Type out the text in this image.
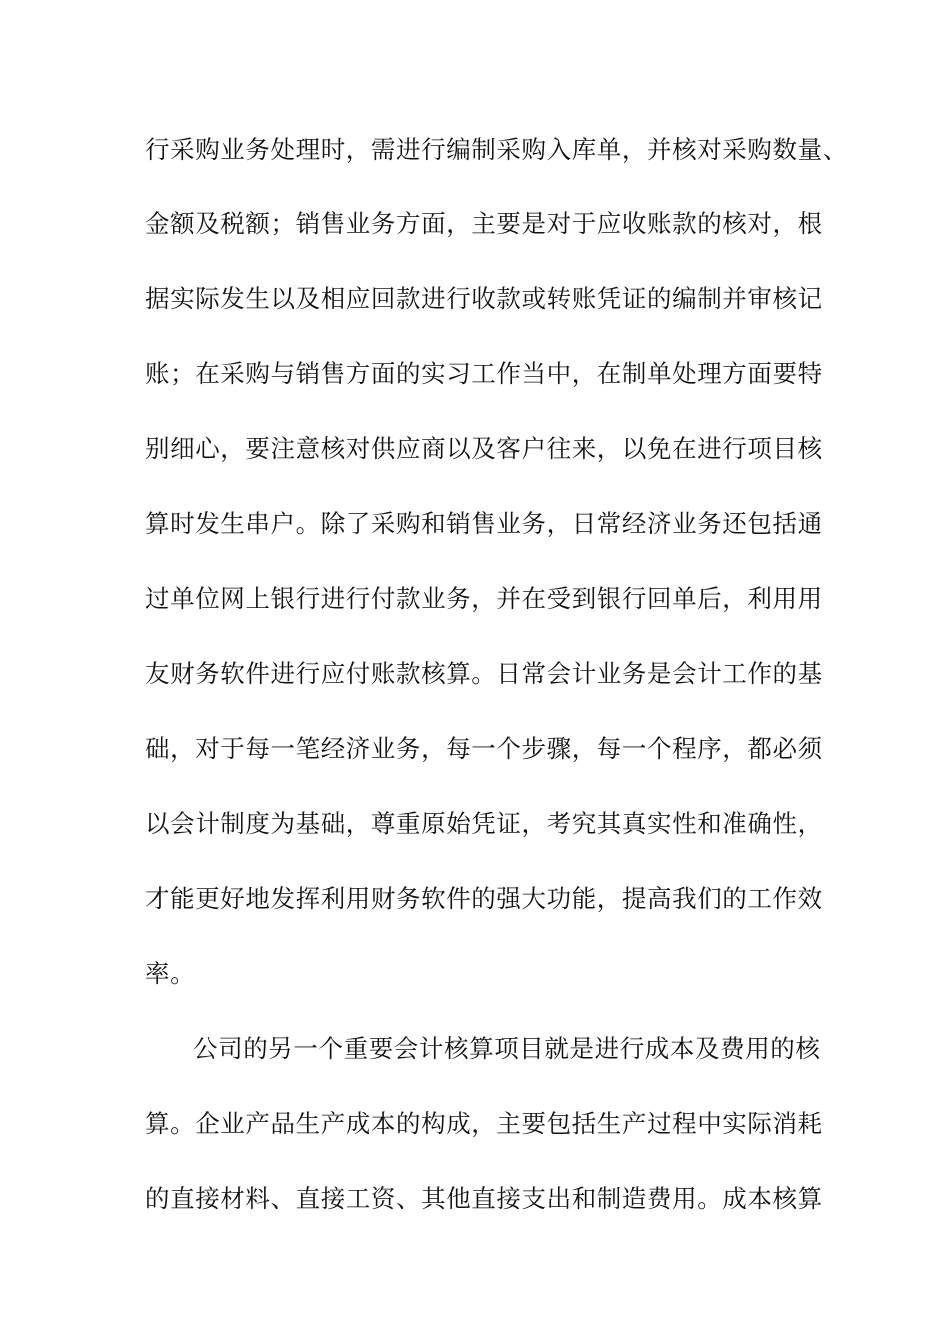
行采购业务处理时，需进行编制采购入库单，并核对采购数量、
金额及税额；销售业务方面，主要是对于应收账款的核对，根
据实际发生以及相应回款进行收款或转账凭证的编制并审核记
账；在采购与销售方面的实习工作当中，在制单处理方面要特
别细心，要注意核对供应商以及客户往来，以免在进行项目核
算时发生串户。除了采购和销售业务，日常经济业务还包括通
过单位网上银行进行付款业务，并在受到银行回单后，利用用
友财务软件进行应付账款核算。日常会计业务是会计工作的基
础，对于每一笔经济业务，每一个步骤，每一个程序，都必须
以会计制度为基础，尊重原始凭证，考究其真实性和准确性，
才能更好地发挥利用财务软件的强大功能，提高我们的工作效
率。
公司的另一个重要会计核算项目就是进行成本及费用的核
算。企业产品生产成本的构成，主要包括生产过程中实际消耗
的直接材料、直接工资、其他直接支出和制造费用。成本核算
